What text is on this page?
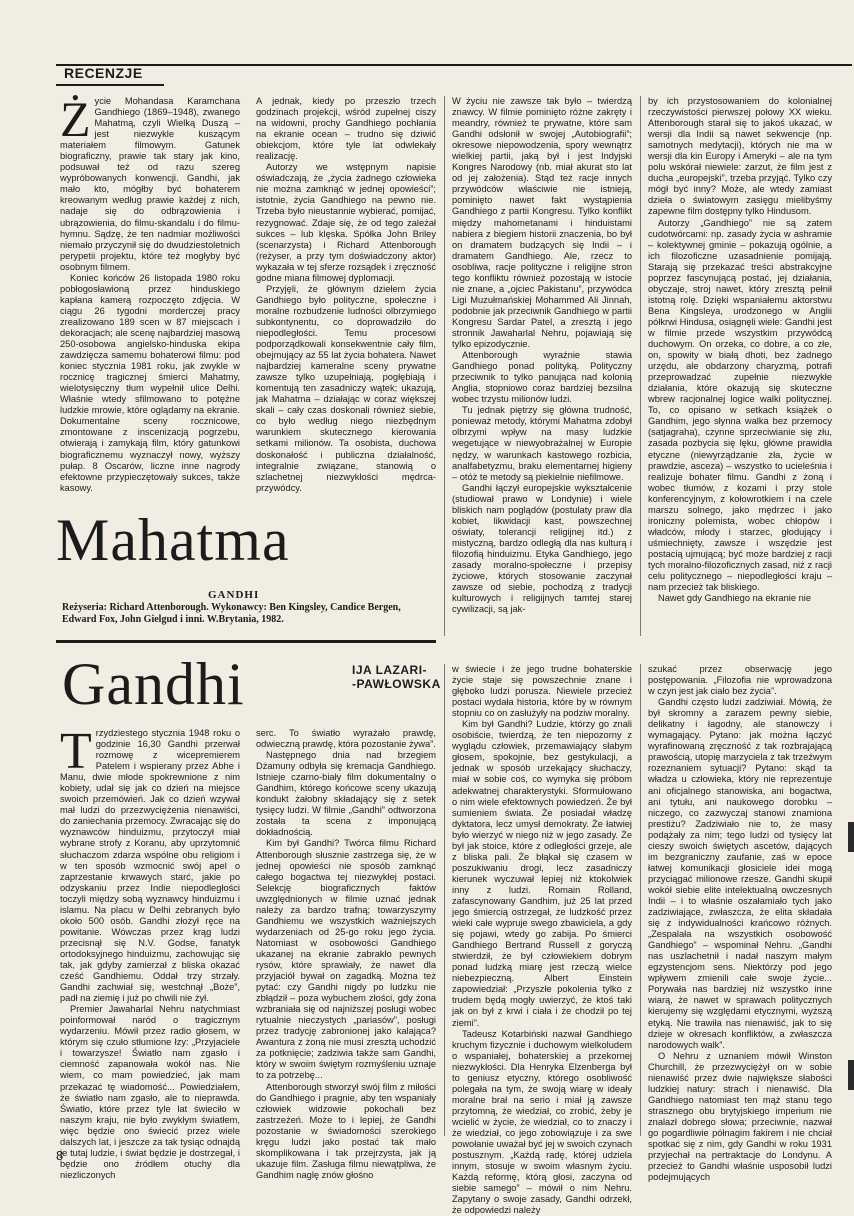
RECENZJE

Życie Mohandasa Karamchana Gandhiego (1869–1948), zwanego Mahatmą, czyli Wielką Duszą – jest niezwykle kuszącym materiałem filmowym. Gatunek biograficzny, prawie tak stary jak kino, podsuwał też od razu szereg wypróbowanych konwencji. Gandhi, jak mało kto, mógłby być bohaterem kreowanym według prawie każdej z nich, nadaje się do odbrązowienia i ubrązowienia, do filmu-skandalu i do filmu-hymnu. Sądzę, że ten nadmiar możliwości niemało przyczynił się do dwudziestoletnich perypetii projektu, które też mogłyby być osobnym filmem.

Koniec końców 26 listopada 1980 roku pobłogosławioną przez hinduskiego kapłana kamerą rozpoczęto zdjęcia. W ciągu 26 tygodni morderczej pracy zrealizowano 189 scen w 87 miejscach i dekoracjach; ale scenę najbardziej masową 250-osobowa angielsko-hinduska ekipa zawdzięcza samemu bohaterowi filmu: pod koniec stycznia 1981 roku, jak zwykle w rocznicę tragicznej śmierci Mahatmy, wielotysięczny tłum wypełnił ulice Delhi. Właśnie wtedy sfilmowano to potężne ludzkie mrowie, które oglądamy na ekranie. Dokumentalne sceny rocznicowe, zmontowane z inscenizacją pogrzebu, otwierają i zamykają film, który gatunkowi biograficznemu wyznaczył nowy, wyższy pułap. 8 Oscarów, liczne inne nagrody efektowne przypieczętowały sukces, także kasowy.

A jednak, kiedy po przeszło trzech godzinach projekcji, wśród zupełnej ciszy na widowni, prochy Gandhiego pochłania na ekranie ocean – trudno się dziwić obiekcjom, które tyle lat odwlekały realizację.

Autorzy we wstępnym napisie oświadczają, że „życia żadnego człowieka nie można zamknąć w jednej opowieści”; istotnie, życia Gandhiego na pewno nie. Trzeba było nieustannie wybierać, pomijać, rezygnować. Zdaje się, że od tego zależał sukces – lub klęska. Spółka John Briley (scenarzysta) i Richard Attenborough (reżyser, a przy tym doświadczony aktor) wykazała w tej sferze rozsądek i zręczność godne miana filmowej dyplomacji.

Przyjęli, że głównym dziełem życia Gandhiego było polityczne, społeczne i moralne rozbudzenie ludności olbrzymiego subkontynentu, co doprowadziło do niepodległości. Temu procesowi podporządkowali konsekwentnie cały film, obejmujący az 55 lat życia bohatera. Nawet najbardziej kameralne sceny prywatne zawsze tylko uzupełniają, pogłębiają i komentują ten zasadniczy wątek; ukazują, jak Mahatma – działając w coraz większej skali – cały czas doskonali również siebie, co było według niego niezbędnym warunkiem skutecznego kierowania setkami milionów. Ta osobista, duchowa doskonałość i publiczna działalność, integralnie związane, stanowią o szlachetnej niezwykłości mędrca-przywódcy.

W życiu nie zawsze tak było – twierdzą znawcy. W filmie pominięto różne zakręty i meandry, również te prywatne, które sam Gandhi odsłonił w swojej „Autobiografii”; okresowe niepowodzenia, spory wewnątrz wielkiej partii, jaką był i jest Indyjski Kongres Narodowy (nb. miał akurat sto lat od jej założenia). Stąd też racje innych przywódców właściwie nie istnieją, pominięto nawet fakt wystąpienia Gandhiego z partii Kongresu. Tylko konflikt między mahometanami i hinduistami nabiera z biegiem historii znaczenia, bo był on dramatem budzących się Indii – i dramatem Gandhiego. Ale, rzecz to osobliwa, racje polityczne i religijne stron tego konfliktu również pozostają w istocie nie znane, a „ojciec Pakistanu”, przywódca Ligi Muzułmańskiej Mohammed Ali Jinnah, podobnie jak przeciwnik Gandhiego w partii Kongresu Sardar Patel, a zresztą i jego stronnik Jawaharlal Nehru, pojawiają się tylko epizodycznie.

Attenborough wyraźnie stawia Gandhiego ponad polityką. Polityczny przeciwnik to tylko panująca nad kolonią Anglia, stopniowo coraz bardziej bezsilna wobec trzystu milionów ludzi.

Tu jednak piętrzy się główna trudność, ponieważ metody, którymi Mahatma zdobył olbrzymi wpływ na masy ludzkie wegetujące w niewyobrażalnej w Europie nędzy, w warunkach kastowego rozbicia, analfabetyzmu, braku elementarnej higieny – otóż te metody są piekielnie niefilmowe.

Gandhi łączył europejskie wykształcenie (studiował prawo w Londynie) i wiele bliskich nam poglądów (postulaty praw dla kobiet, likwidacji kast, powszechnej oświaty, tolerancji religijnej itd.) z mistyczną, bardzo odległą dla nas kulturą i filozofią hinduizmu. Etyka Gandhiego, jego zasady moralno-społeczne i przepisy życiowe, których stosowanie zaczynał zawsze od siebie, pochodzą z tradycji kulturowych i religijnych tamtej starej cywilizacji, są jak-

by ich przystosowaniem do kolonialnej rzeczywistości pierwszej połowy XX wieku. Attenborough starał się to jakoś ukazać, w wersji dla Indii są nawet sekwencje (np. samotnych medytacji), których nie ma w wersji dla kin Europy i Ameryki – ale na tym polu wskórał niewiele: zarzut, że film jest z ducha „europejski”, trzeba przyjąć. Tylko czy mógł być inny? Może, ale wtedy zamiast dzieła o światowym zasięgu mielibyśmy zapewne film dostępny tylko Hindusom.

Autorzy „Gandhiego” nie są zatem cudotwórcami: np. zasady życia w ashramie – kolektywnej gminie – pokazują ogólnie, a ich filozoficzne uzasadnienie pomijają. Starają się przekazać treści abstrakcyjne poprzez fascynującą postać, jej działania, obyczaje, stroj nawet, który zresztą pełnił istotną rolę. Dzięki wspaniałemu aktorstwu Bena Kingsleya, urodzonego w Anglii półkrwi Hindusa, osiągnęli wiele: Gandhi jest w filmie przede wszystkim przywódcą duchowym. On orzeka, co dobre, a co złe, on, spowity w białą dhoti, bez żadnego urzędu, ale obdarzony charyzmą, potrafi przeprowadzać zupełnie niezwykłe działania, które okazują się skuteczne wbrew racjonalnej logice walki politycznej. To, co opisano w setkach książek o Gandhim, jego słynna walka bez przemocy (satjagraha), czynne sprzeciwianie się złu, zasada pozbycia się lęku, główne prawidła etyczne (niewyrządzanie zła, życie w prawdzie, asceza) – wszystko to ucieleśnia i realizuje bohater filmu. Gandhi z żoną i wobec tłumów, z kozami i przy stole konferencyjnym, z kołowrotkiem i na czele marszu solnego, jako mędrzec i jako ironiczny polemista, wobec chłopów i władców, młody i starzec, głodujący i uśmiechnięty, zawsze i wszędzie jest postacią ujmującą; być może bardziej z racji tych moralno-filozoficznych zasad, niż z racji celu politycznego – niepodległości kraju – nam przecież tak bliskiego.

Nawet gdy Gandhiego na ekranie nie

Mahatma
GANDHI
Reżyseria: Richard Attenborough. Wykonawcy: Ben Kingsley, Candice Bergen, Edward Fox, John Gielgud i inni. W.Brytania, 1982.
Gandhi	IJA LAZARI-
-PAWŁOWSKA

Trzydziestego stycznia 1948 roku o godzinie 16,30 Gandhi przerwał rozmowę z wicepremierem Patelem i wspierany przez Abhe i Manu, dwie młode spokrewnione z nim kobiety, udał się jak co dzień na miejsce swoich przemówień. Jak co dzień wzywał mał ludzi do przezwyciężenia nienawiści, do zaniechania przemocy. Zwracając się do wyznawców hinduizmu, przytoczył miał wybrane strofy z Koranu, aby uprzytomnić słuchaczom zdarza wspólne obu religiom i w ten sposób wzmocnić swój apel o zaprzestanie krwawych starć, jakie po odzyskaniu przez Indie niepodległości toczyli między sobą wyznawcy hinduizmu i islamu. Na placu w Delhi zebranych było około 500 osób. Gandhi złożył ręce na powitanie. Wówczas przez krąg ludzi przecisnął się N.V. Godse, fanatyk ortodoksyjnego hinduizmu, zachowując się tak, jak gdyby zamierzał z bliska okazać cześć Gandhiemu. Oddał trzy strzały. Gandhi zachwiał się, westchnął „Boże”, padł na ziemię i już po chwili nie żył.

Premier Jawaharlal Nehru natychmiast poinformował naród o tragicznym wydarzeniu. Mówił przez radio głosem, w którym się czuło stłumione łzy: „Przyjaciele i towarzysze! Światło nam zgasło i ciemność zapanowała wokół nas. Nie wiem, co mam powiedzieć, jak mam przekazać tę wiadomość... Powiedziałem, że światło nam zgasło, ale to nieprawda. Światło, które przez tyle lat świeciło w naszym kraju, nie było zwykłym światłem, więc będzie ono świecić przez wiele dalszych lat, i jeszcze za tak tysiąc odnajdą je tutaj ludzie, i świat będzie je dostrzegał, i będzie ono źródłem otuchy dla niezliczonych

serc. To światło wyrażało prawdę, odwieczną prawdę, która pozostanie żywa”.

Następnego dnia nad brzegiem Dżamuny odbyła się kremacja Gandhiego. Istnieje czarno-biały film dokumentalny o Gandhim, którego końcowe sceny ukazują kondukt żałobny składający się z setek tysięcy ludzi. W filmie „Gandhi” odtworzona została ta scena z imponującą dokładnością.

Kim był Gandhi? Twórca filmu Richard Attenborough słusznie zastrzega się, że w jednej opowieści nie sposób zamknąć całego bogactwa tej niezwykłej postaci. Selekcję biograficznych faktów uwzględnionych w filmie uznać jednak należy za bardzo trafną; towarzyszymy Gandhiemu we wszystkich ważniejszych wydarzeniach od 25-go roku jego życia. Natomiast w osobowości Gandhiego ukazanej na ekranie zabrakło pewnych rysów, które sprawiały, że nawet dla przyjaciół bywał on zagadką. Można też pytać: czy Gandhi nigdy po ludzku nie zbłądził – poza wybuchem złości, gdy żona wzbraniała się od najniższej posługi wobec rytualnie nieczystych „pariasów”, posługi przez tradycję zabronionej jako kalająca? Awantura z żoną nie musi zresztą uchodzić za potknięcie; zadziwia także sam Gandhi, który w swoim świętym rozmyśleniu uznaje to za potrzebę...

Attenborough stworzył swój film z miłości do Gandhiego i pragnie, aby ten wspaniały człowiek widzowie pokochali bez zastrzeżeń. Może to i lepiej, że Gandhi pozostanie w świadomości szerokiego kręgu ludzi jako postać tak mało skomplikowana i tak przejrzysta, jak ją ukazuje film. Zasługa filmu niewątpliwa, że Gandhim naglę znów głośno

w świecie i że jego trudne bohaterskie życie staje się powszechnie znane i głęboko ludzi porusza. Niewiele przecież postaci wydała historia, które by w równym stopniu co on zasłużyły na podziw moralny.

Kim był Gandhi? Ludzie, którzy go znali osobiście, twierdzą, że ten niepozorny z wyglądu człowiek, przemawiający słabym głosem, spokojnie, bez gestykulacji, a jednak w sposób urzekający słuchaczy, miał w sobie coś, co wymyka się próbom adekwatnej charakterystyki. Sformułowano o nim wiele efektownych powiedzeń. Że był sumieniem świata. Że posiadał władzę dyktatora, lecz umysł demokraty. Że łatwiej było wierzyć w niego niż w jego zasady. Że był jak stoice, które z odległości grzeje, ale z bliska pali. Że błąkał się czasem w poszukiwaniu drogi, lecz zasadniczy kierunek wyczuwał lepiej niż ktokolwiek inny z ludzi. Romain Rolland, zafascynowany Gandhim, już 25 lat przed jego śmiercią ostrzegał, że ludzkość przez wieki całe wypruje swego zbawiciela, a gdy się pojawi, wtedy go zabija. Po śmierci Gandhiego Bertrand Russell z goryczą stwierdził, że był człowiekiem dobrym ponad ludzką miarę jest rzeczą wielce niebezpieczną. Albert Einstein zapowiedział: „Przyszłe pokolenia tylko z trudem będą mogły uwierzyć, że ktoś taki jak on był z krwi i ciała i że chodził po tej ziemi”.

Tadeusz Kotarbiński nazwał Gandhiego kruchym fizycznie i duchowym wielkoludem o wspaniałej, bohaterskiej a przekornej niezwykłości. Dla Henryka Elzenberga był to geniusz etyczny, którego osobliwość polegała na tym, że swoją wiarę w ideały moralne brał na serio i miał ją zawsze przytomną, że wiedział, co zrobić, żeby je wcielić w życie, że wiedział, co to znaczy i że wiedział, co jego zobowiązuje i za swe powołanie uważał być jej w swoich czynach postusznym. „Każdą radę, której udziela innym, stosuje w swoim własnym życiu. Każdą reformę, którą głosi, zaczyna od siebie samego” – mówił o nim Nehru. Zapytany o swoje zasady, Gandhi odrzekł, że odpowiedzi należy

szukać przez obserwację jego postępowania. „Filozofia nie wprowadzona w czyn jest jak ciało bez życia”.

Gandhi często ludzi zadziwiał. Mówią, że był skromny a zarazem pewny siebie, delikatny i łagodny, ale stanowczy i wymagający. Pytano: jak można łączyć wyrafinowaną zręczność z tak rozbrajającą prawością, utopię marzyciela z tak trzeźwym rozeznaniem sytuacji? Pytano: skąd ta władza u człowieka, który nie reprezentuje ani oficjalnego stanowiska, ani bogactwa, ani tytułu, ani naukowego dorobku – niczego, co zazwyczaj stanowi znamiona prestiżu? Zadziwiało nie to, że masy podążały za nim; tego ludzi od tysięcy lat cieszy swoich świętych ascetów, dających im bezgraniczny zaufanie, zaś w epoce łatwej komunikacji głosiciele idei mogą przyciągać milionowe rzesze. Gandhi skupił wokół siebie elite intelektualną owczesnych Indii – i to właśnie oszałamiało tych jako zadziwiające, zwłaszcza, że elita składała się z indywidualności krańcowo różnych. „Zespalała na wszystkich osobowość Gandhiego” – wspominał Nehru. „Gandhi nas uszlachetnił i nadał naszym małym egzystencjom sens. Niektórzy pod jego wpływem zmienili całe swoje życie... Porywała nas bardziej niż wszystko inne wiarą, że nawet w sprawach politycznych kierujemy się względami etycznymi, wyższą etyką. Nie trawiła nas nienawiść, jak to się dzieje w okresach konfliktów, a zwłaszcza narodowych walk”.

O Nehru z uznaniem mówił Winston Churchill, że przezwyciężył on w sobie nienawiść przez dwie największe słabości ludzkiej natury: strach i nienawiść. Dla Gandhiego natomiast ten mąż stanu tego strasznego obu brytyjskiego imperium nie znalazł dobrego słowa; przeciwnie, nazwał go pogardliwie półnagim fakirem i nie chciał spotkać się z nim, gdy Gandhi w roku 1931 przyjechał na pertraktacje do Londynu. A przecież to Gandhi właśnie usposobił ludzi podejmujących

8
